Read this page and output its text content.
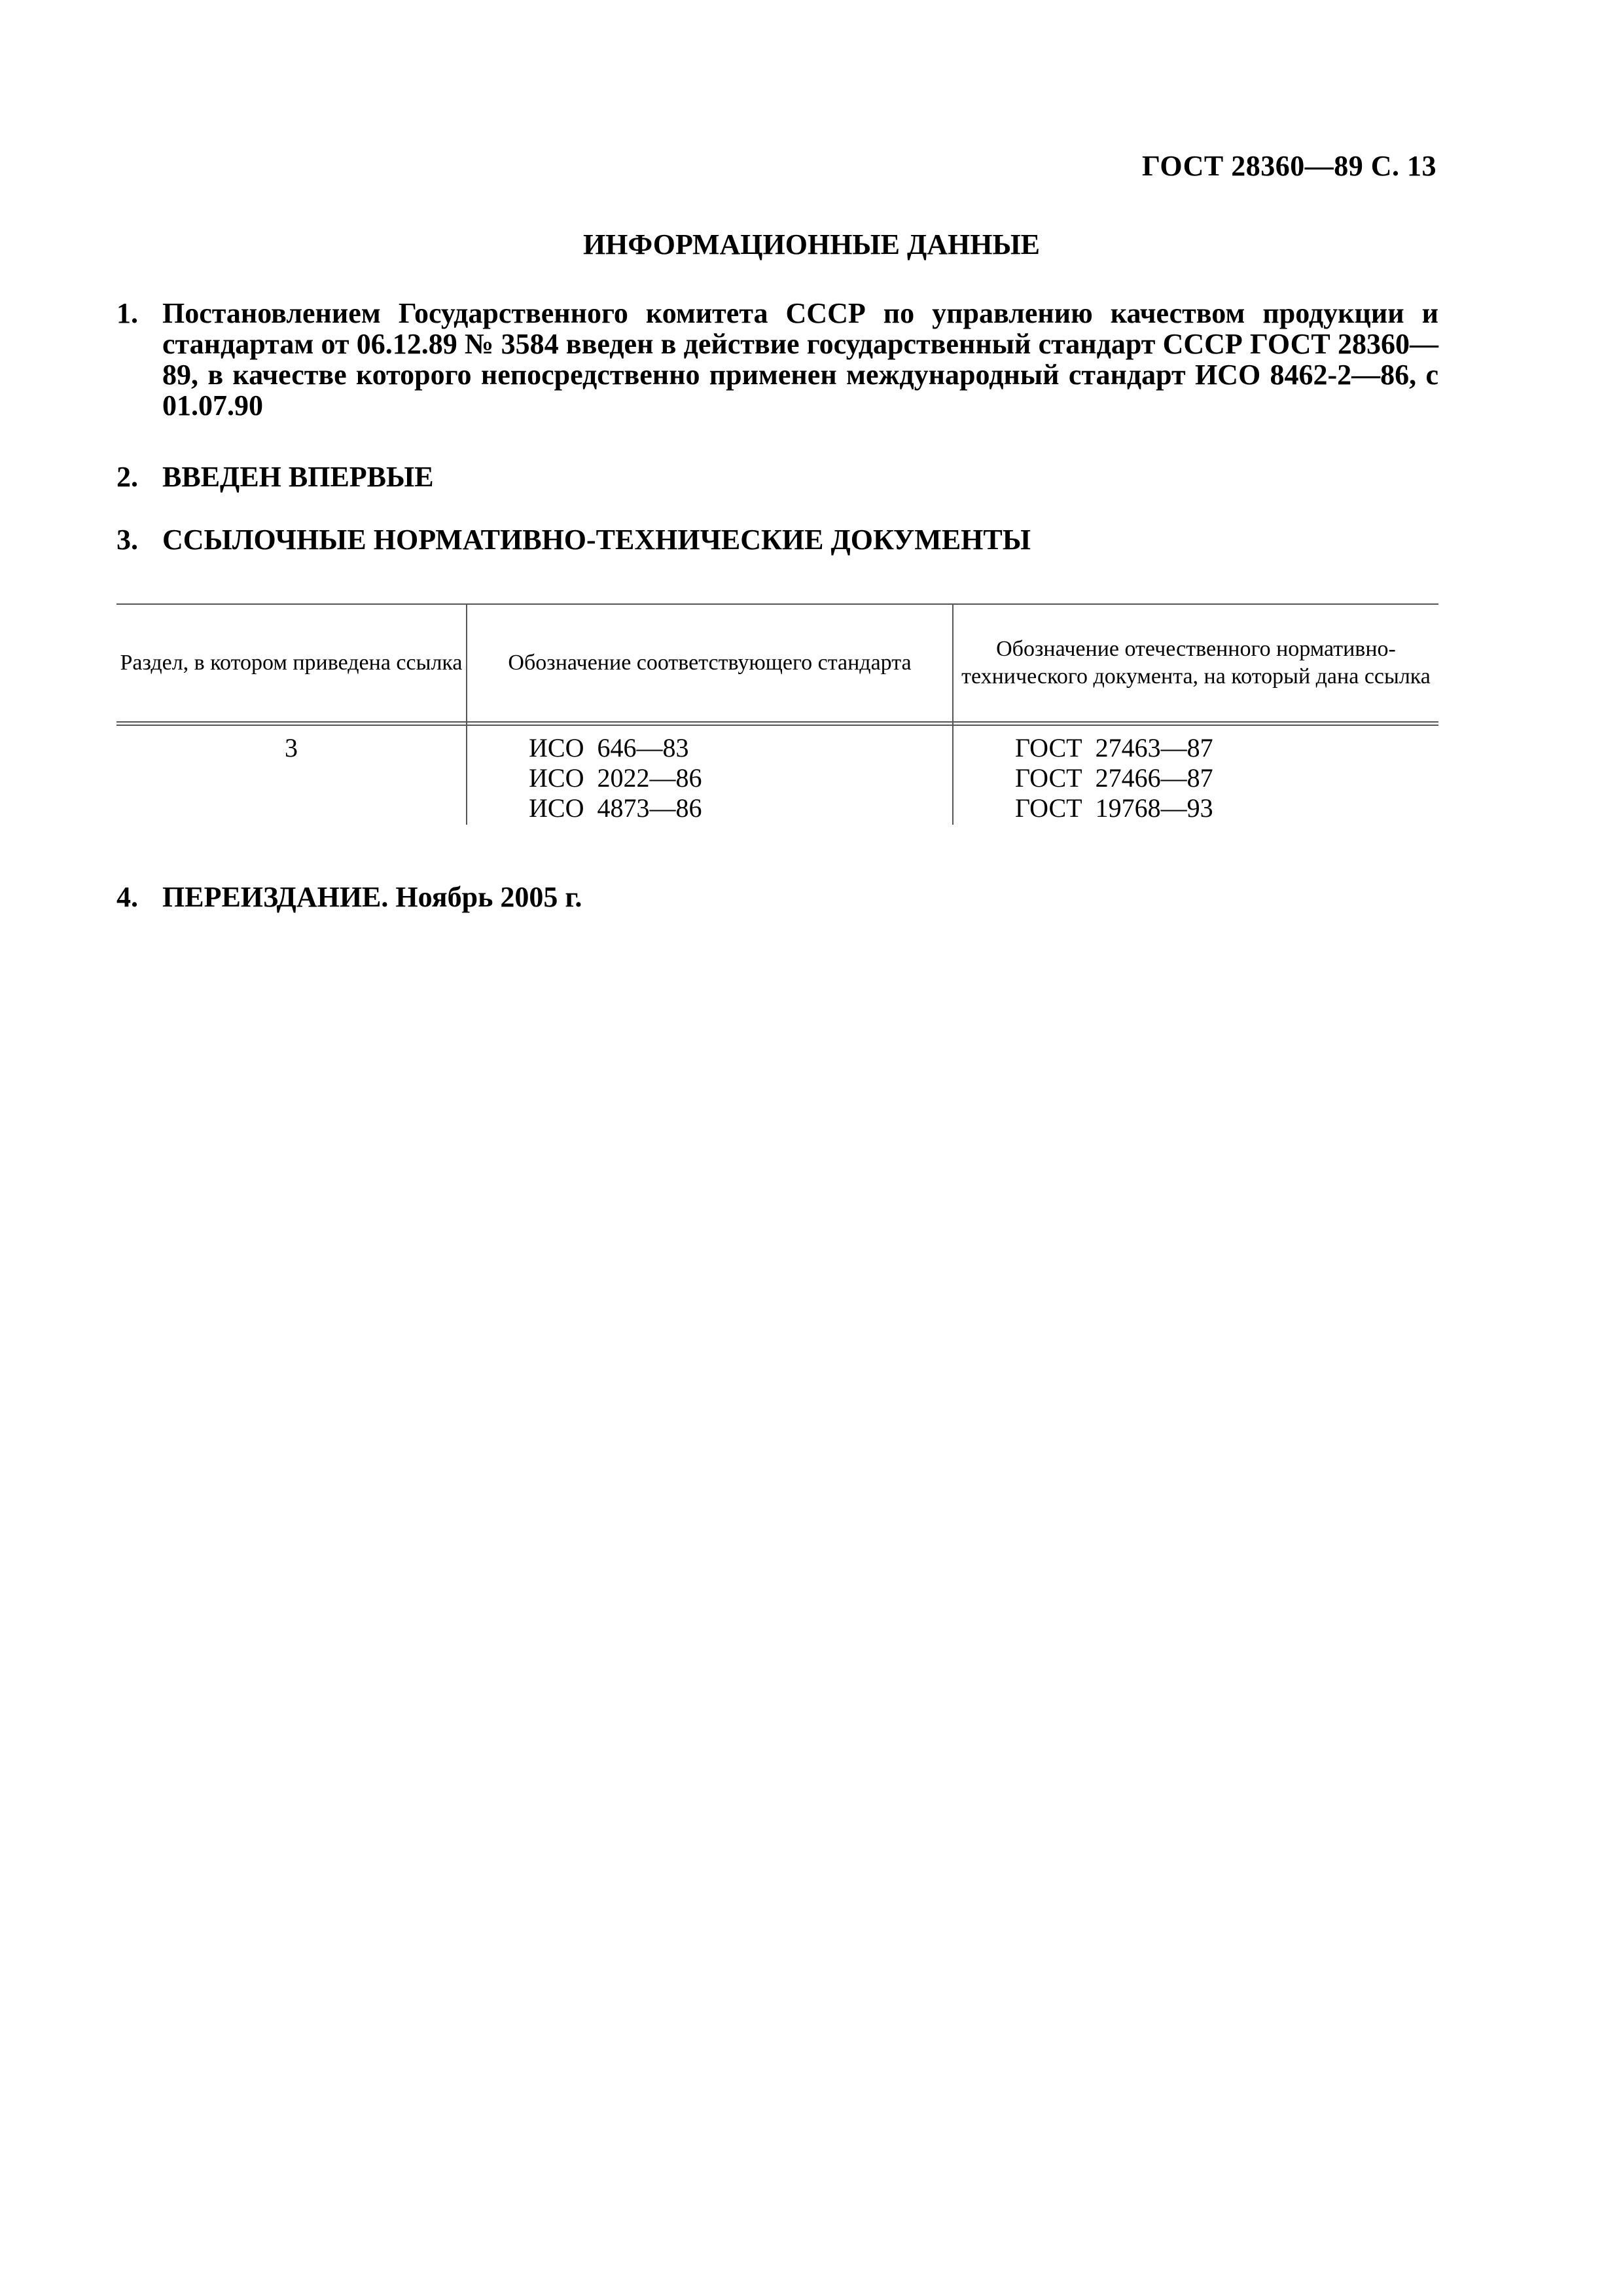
ГОСТ 28360—89 С. 13
ИНФОРМАЦИОННЫЕ ДАННЫЕ
1. Постановлением Государственного комитета СССР по управлению качеством продукции и стандартам от 06.12.89 № 3584 введен в действие государственный стандарт СССР ГОСТ 28360—89, в качестве которого непосредственно применен международный стандарт ИСО 8462-2—86, с 01.07.90
2. ВВЕДЕН ВПЕРВЫЕ
3. ССЫЛОЧНЫЕ НОРМАТИВНО-ТЕХНИЧЕСКИЕ ДОКУМЕНТЫ
Раздел, в котором приведена ссылка	Обозначение соответствующего стандарта
Обозначение отечественного нормативно-технического документа, на который дана ссылка
3	ИСО  646—83
ИСО  2022—86
ИСО  4873—86
ГОСТ  27463—87
ГОСТ  27466—87
ГОСТ  19768—93
4. ПЕРЕИЗДАНИЕ. Ноябрь 2005 г.
